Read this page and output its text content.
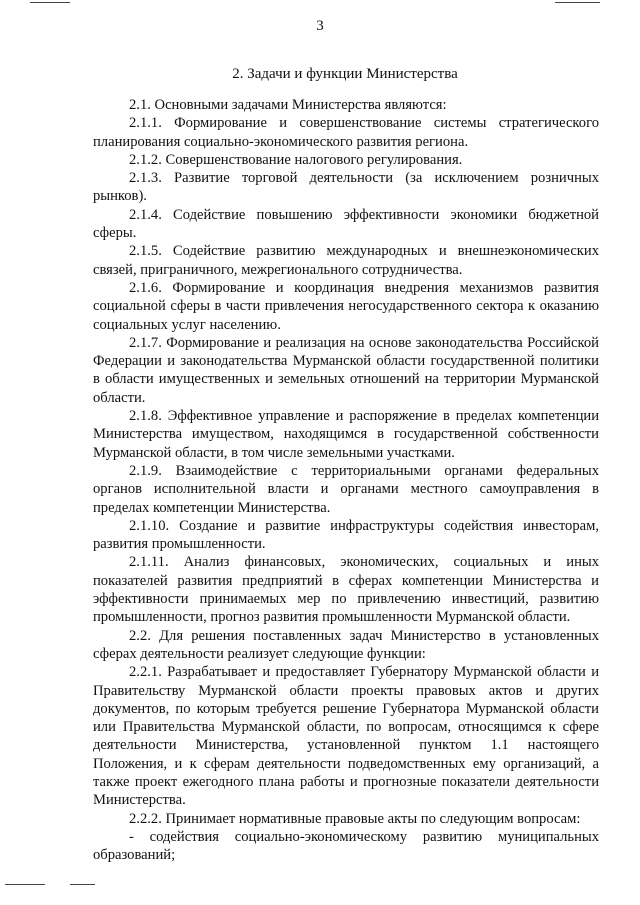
3
2. Задачи и функции Министерства

2.1. Основными задачами Министерства являются:

2.1.1. Формирование и совершенствование системы стратегического планирования социально-экономического развития региона.

2.1.2. Совершенствование налогового регулирования.

2.1.3. Развитие торговой деятельности (за исключением розничных рынков).

2.1.4. Содействие повышению эффективности экономики бюджетной сферы.

2.1.5. Содействие развитию международных и внешнеэкономических связей, приграничного, межрегионального сотрудничества.

2.1.6. Формирование и координация внедрения механизмов развития социальной сферы в части привлечения негосударственного сектора к оказанию социальных услуг населению.

2.1.7. Формирование и реализация на основе законодательства Российской Федерации и законодательства Мурманской области государственной политики в области имущественных и земельных отношений на территории Мурманской области.

2.1.8. Эффективное управление и распоряжение в пределах компетенции Министерства имуществом, находящимся в государственной собственности Мурманской области, в том числе земельными участками.

2.1.9. Взаимодействие с территориальными органами федеральных органов исполнительной власти и органами местного самоуправления в пределах компетенции Министерства.

2.1.10. Создание и развитие инфраструктуры содействия инвесторам, развития промышленности.

2.1.11. Анализ финансовых, экономических, социальных и иных показателей развития предприятий в сферах компетенции Министерства и эффективности принимаемых мер по привлечению инвестиций, развитию промышленности, прогноз развития промышленности Мурманской области.

2.2. Для решения поставленных задач Министерство в установленных сферах деятельности реализует следующие функции:

2.2.1. Разрабатывает и предоставляет Губернатору Мурманской области и Правительству Мурманской области проекты правовых актов и других документов, по которым требуется решение Губернатора Мурманской области или Правительства Мурманской области, по вопросам, относящимся к сфере деятельности Министерства, установленной пунктом 1.1 настоящего Положения, и к сферам деятельности подведомственных ему организаций, а также проект ежегодного плана работы и прогнозные показатели деятельности Министерства.

2.2.2. Принимает нормативные правовые акты по следующим вопросам:

- содействия социально-экономическому развитию муниципальных образований;
